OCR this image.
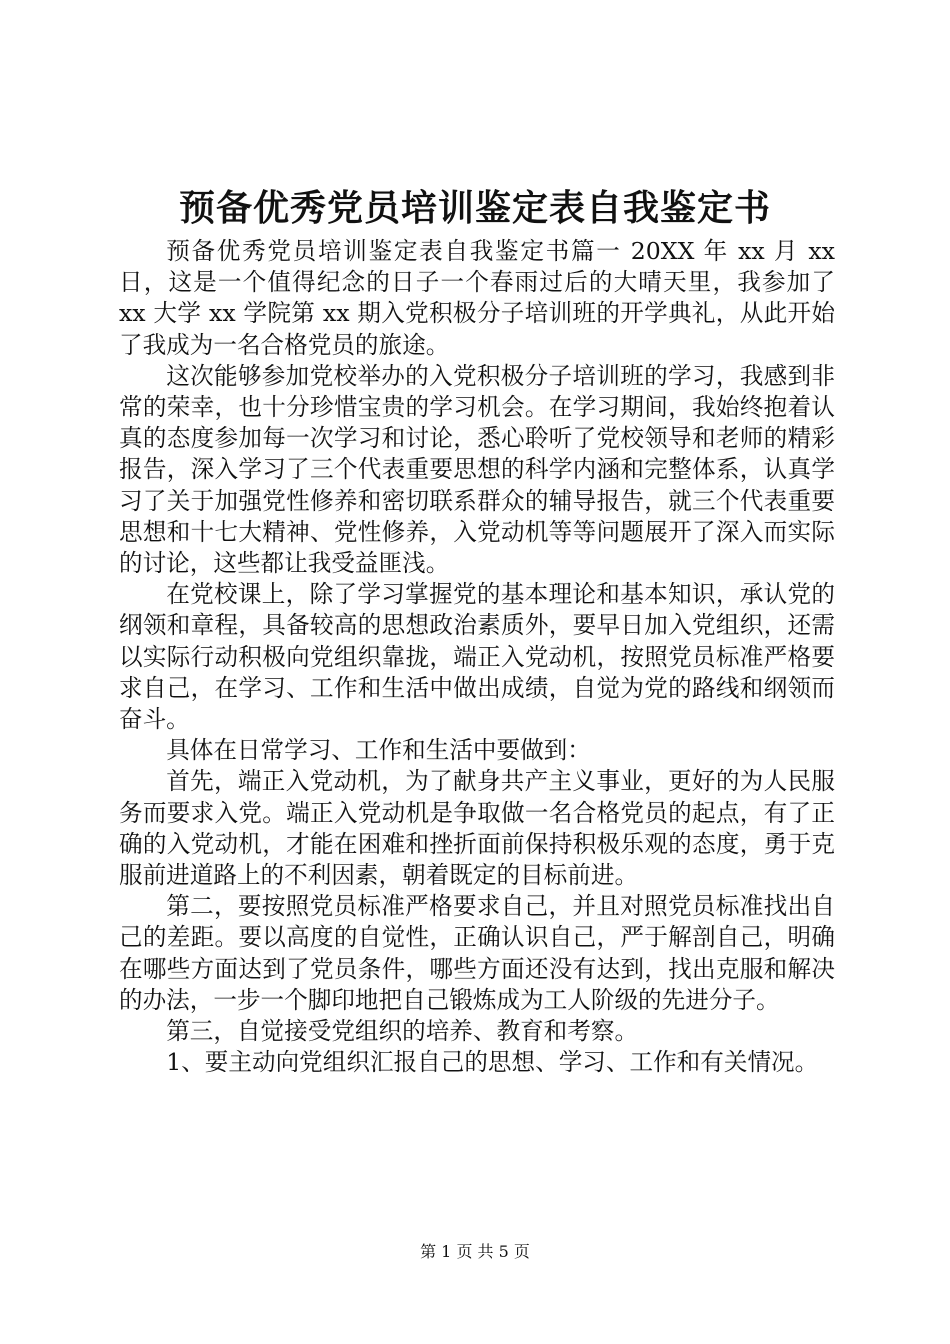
预备优秀党员培训鉴定表自我鉴定书

预备优秀党员培训鉴定表自我鉴定书篇一 20XX 年 xx 月 xx 日，这是一个值得纪念的日子一个春雨过后的大晴天里，我参加了 xx 大学 xx 学院第 xx 期入党积极分子培训班的开学典礼，从此开始了我成为一名合格党员的旅途。

这次能够参加党校举办的入党积极分子培训班的学习，我感到非常的荣幸，也十分珍惜宝贵的学习机会。在学习期间，我始终抱着认真的态度参加每一次学习和讨论，悉心聆听了党校领导和老师的精彩报告，深入学习了三个代表重要思想的科学内涵和完整体系，认真学习了关于加强党性修养和密切联系群众的辅导报告，就三个代表重要思想和十七大精神、党性修养，入党动机等等问题展开了深入而实际的讨论，这些都让我受益匪浅。

在党校课上，除了学习掌握党的基本理论和基本知识，承认党的纲领和章程，具备较高的思想政治素质外，要早日加入党组织，还需以实际行动积极向党组织靠拢，端正入党动机，按照党员标准严格要求自己，在学习、工作和生活中做出成绩，自觉为党的路线和纲领而奋斗。

具体在日常学习、工作和生活中要做到：

首先，端正入党动机，为了献身共产主义事业，更好的为人民服务而要求入党。端正入党动机是争取做一名合格党员的起点，有了正确的入党动机，才能在困难和挫折面前保持积极乐观的态度，勇于克服前进道路上的不利因素，朝着既定的目标前进。

第二，要按照党员标准严格要求自己，并且对照党员标准找出自己的差距。要以高度的自觉性，正确认识自己，严于解剖自己，明确在哪些方面达到了党员条件，哪些方面还没有达到，找出克服和解决的办法，一步一个脚印地把自己锻炼成为工人阶级的先进分子。

第三，自觉接受党组织的培养、教育和考察。

1、要主动向党组织汇报自己的思想、学习、工作和有关情况。

第 1 页 共 5 页
